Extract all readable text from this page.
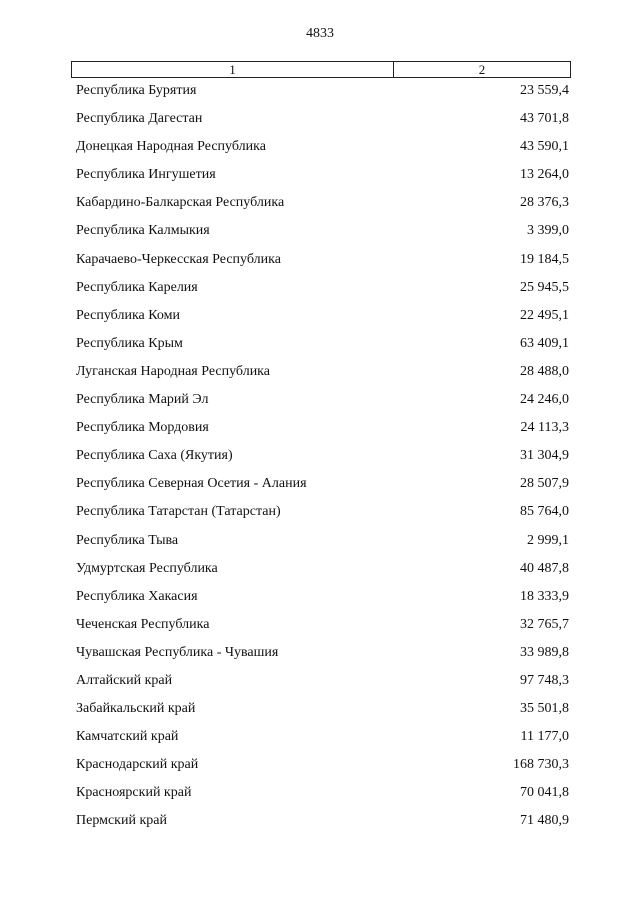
4833
1	2
Республика Бурятия	23 559,4
Республика Дагестан	43 701,8
Донецкая Народная Республика	43 590,1
Республика Ингушетия	13 264,0
Кабардино-Балкарская Республика	28 376,3
Республика Калмыкия	3 399,0
Карачаево-Черкесская Республика	19 184,5
Республика Карелия	25 945,5
Республика Коми	22 495,1
Республика Крым	63 409,1
Луганская Народная Республика	28 488,0
Республика Марий Эл	24 246,0
Республика Мордовия	24 113,3
Республика Саха (Якутия)	31 304,9
Республика Северная Осетия - Алания	28 507,9
Республика Татарстан (Татарстан)	85 764,0
Республика Тыва	2 999,1
Удмуртская Республика	40 487,8
Республика Хакасия	18 333,9
Чеченская Республика	32 765,7
Чувашская Республика - Чувашия	33 989,8
Алтайский край	97 748,3
Забайкальский край	35 501,8
Камчатский край	11 177,0
Краснодарский край	168 730,3
Красноярский край	70 041,8
Пермский край	71 480,9
